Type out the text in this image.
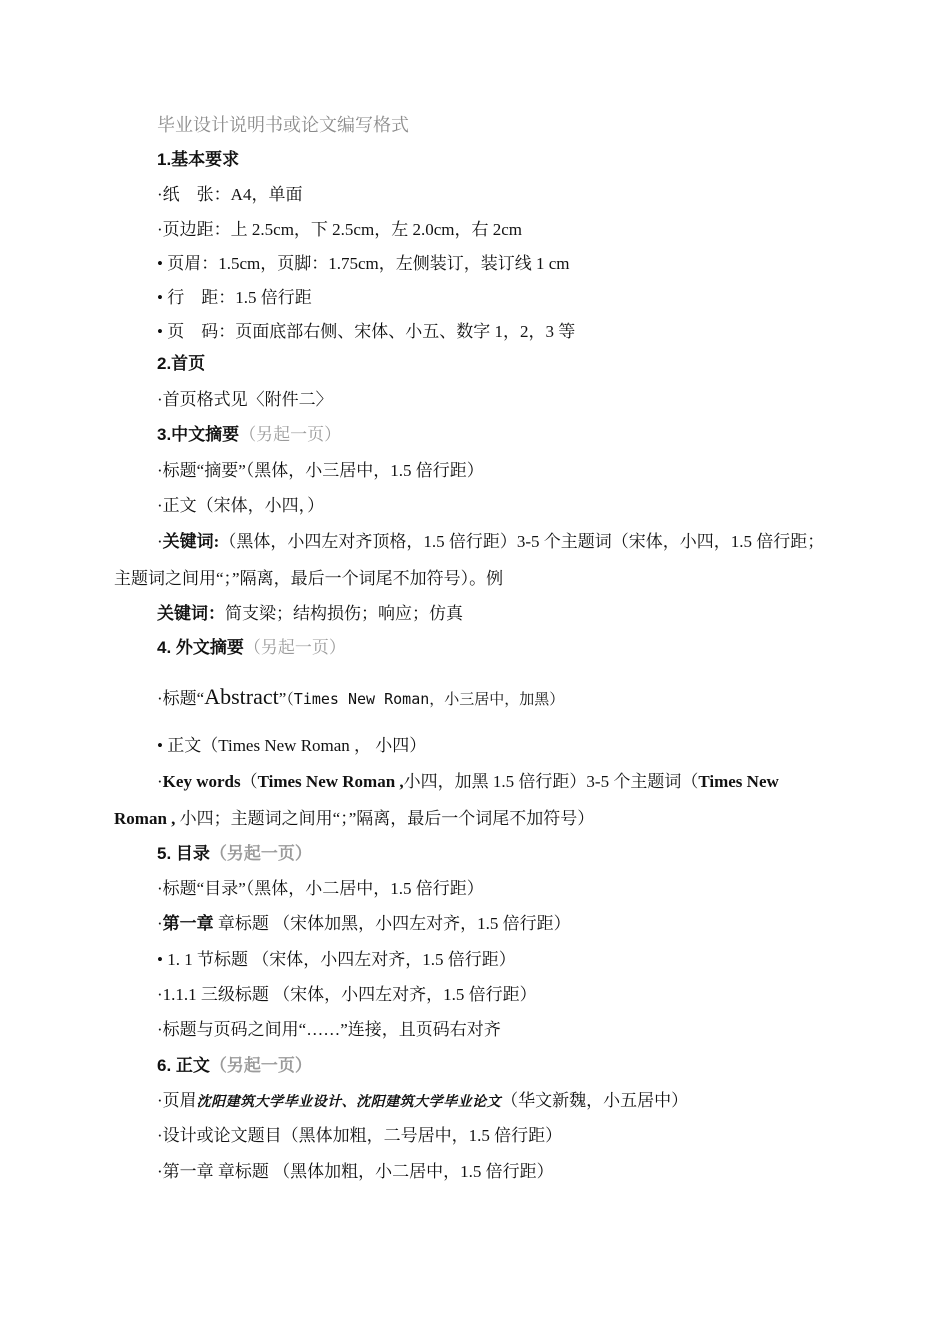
毕业设计说明书或论文编写格式
1.基本要求
·纸　张：A4，单面
·页边距：上 2.5cm，下 2.5cm，左 2.0cm，右 2cm
• 页眉：1.5cm，页脚：1.75cm，左侧装订，装订线 1 cm
• 行　距：1.5 倍行距
• 页　码：页面底部右侧、宋体、小五、数字 1，2，3 等
2.首页
·首页格式见〈附件二〉
3.中文摘要（另起一页）
·标题“摘要”（黑体，小三居中，1.5 倍行距）
·正文（宋体，小四，）
·关键词:（黑体，小四左对齐顶格，1.5 倍行距）3-5 个主题词（宋体，小四，1.5 倍行距；
主题词之间用“；”隔离，最后一个词尾不加符号）。例
关键词：简支梁；结构损伤；响应；仿真
4. 外文摘要（另起一页）
·标题“Abstract”（Times New Roman，小三居中，加黑）
• 正文（Times New Roman ， 小四）
·Key words（Times New Roman ,小四，加黑 1.5 倍行距）3-5 个主题词（Times New
Roman , 小四；主题词之间用“；”隔离，最后一个词尾不加符号）
5. 目录（另起一页）
·标题“目录”（黑体，小二居中，1.5 倍行距）
·第一章 章标题 （宋体加黑，小四左对齐，1.5 倍行距）
• 1. 1 节标题 （宋体，小四左对齐，1.5 倍行距）
·1.1.1 三级标题 （宋体，小四左对齐，1.5 倍行距）
·标题与页码之间用“……”连接，且页码右对齐
6. 正文（另起一页）
·页眉沈阳建筑大学毕业设计、沈阳建筑大学毕业论文（华文新魏，小五居中）
·设计或论文题目（黑体加粗，二号居中，1.5 倍行距）
·第一章 章标题 （黑体加粗，小二居中，1.5 倍行距）
